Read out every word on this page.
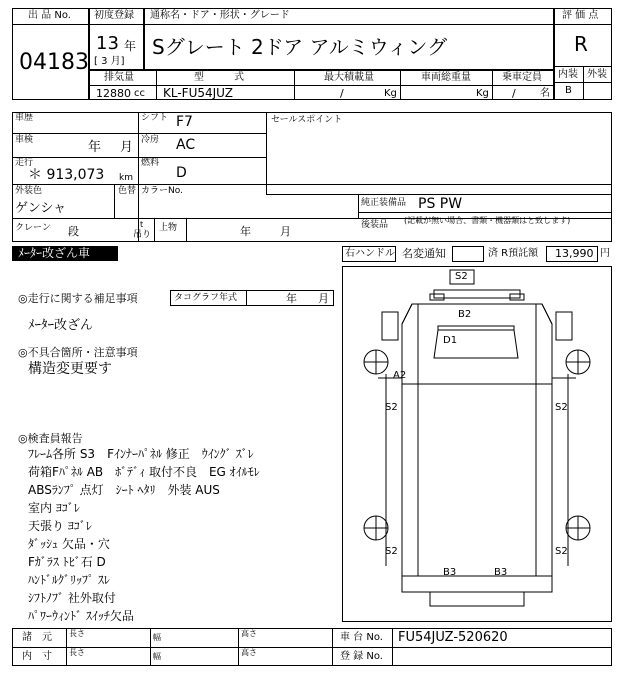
出 品 No.
04183
初度登録
13 年
[ 3 月]
通称名・ドア・形状・グレード
Sグレート 2ドア アルミウィング
評 価 点
R
内装 外装
B
排気量
12880 cc
型　　　式
KL-FU54JUZ
最大積載量
/	Kg
車両総重量
Kg
乗車定員
/ 名
車歴	シフト F7
車検	年 月 冷房 AC
走行
＊ 913,073 km
燃料
D
セールスポイント
外装色
ゲンシャ
色替 カラーNo.
純正装備品 PS PW
後装品 (記載が無い場合、書類・機器類はと致します)
クレーン 段
t
吊り
上物	年	月
ﾒｰﾀｰ改ざん車	右ハンドル 名変通知	済 R預託額 13,990 円
◎走行に関する補足事項	タコグラフ年式	年 月
ﾒｰﾀｰ改ざん
◎不具合箇所・注意事項
構造変更要す
◎検査員報告
ﾌﾚｰﾑ各所 S3　Fｲﾝﾅｰﾊﾟﾈﾙ 修正　ｳｲﾝｸﾞ ｽﾞﾚ
荷箱Fﾊﾟﾈﾙ AB　ﾎﾞﾃﾞｨ 取付不良　EG ｵｲﾙﾓﾚ
ABSﾗﾝﾌﾟ 点灯　ｼｰﾄ ﾍﾀﾘ　外装 AUS
室内 ﾖｺﾞﾚ
天張り ﾖｺﾞﾚ
ﾀﾞｯｼｭ 欠品・穴
Fｶﾞﾗｽ ﾄﾋﾞ石 D
ﾊﾝﾄﾞﾙｸﾞﾘｯﾌﾟ ｽﾚ
ｼﾌﾄﾉﾌﾞ 社外取付
ﾊﾟﾜｰｳｨﾝﾄﾞ ｽｲｯﾁ欠品
S2
B2
D1
A2
S2	S2
S2	S2
B3	B3
諸　元
内　寸
長さ	幅	高さ
長さ	幅	高さ
車 台 No. FU54JUZ-520620
登 録 No.
